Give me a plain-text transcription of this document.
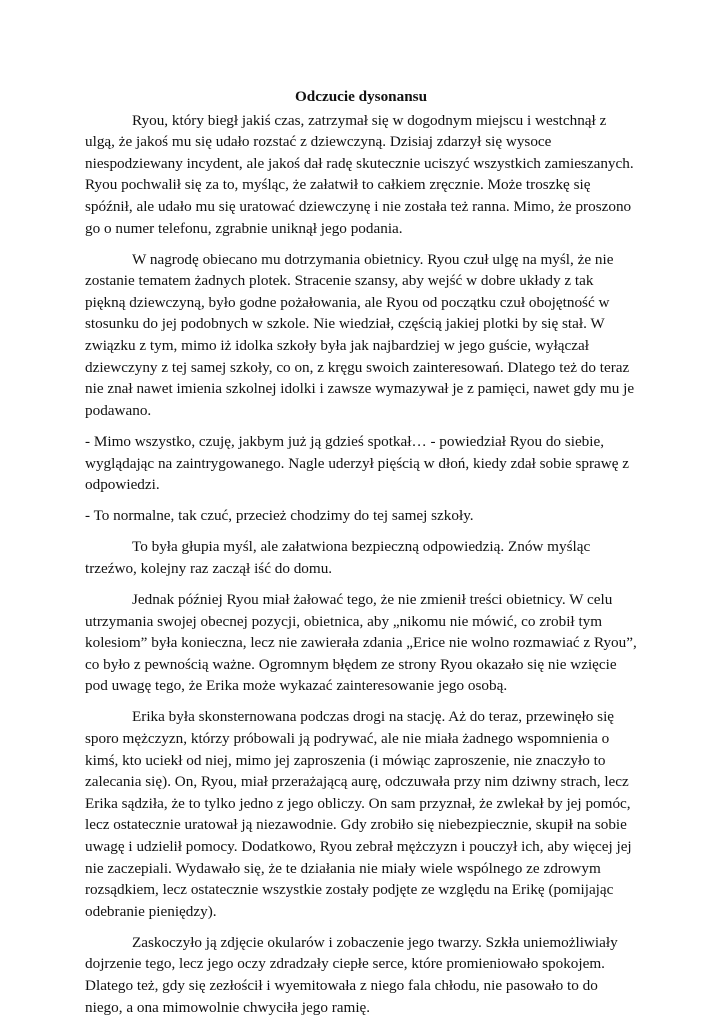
Odczucie dysonansu

Ryou, który biegł jakiś czas, zatrzymał się w dogodnym miejscu i westchnął z ulgą, że jakoś mu się udało rozstać z dziewczyną. Dzisiaj zdarzył się wysoce niespodziewany incydent, ale jakoś dał radę skutecznie uciszyć wszystkich zamieszanych. Ryou pochwalił się za to, myśląc, że załatwił to całkiem zręcznie. Może troszkę się spóźnił, ale udało mu się uratować dziewczynę i nie została też ranna. Mimo, że proszono go o numer telefonu, zgrabnie uniknął jego podania.

W nagrodę obiecano mu dotrzymania obietnicy. Ryou czuł ulgę na myśl, że nie zostanie tematem żadnych plotek. Stracenie szansy, aby wejść w dobre układy z tak piękną dziewczyną, było godne pożałowania, ale Ryou od początku czuł obojętność w stosunku do jej podobnych w szkole. Nie wiedział, częścią jakiej plotki by się stał. W związku z tym, mimo iż idolka szkoły była jak najbardziej w jego guście, wyłączał dziewczyny z tej samej szkoły, co on, z kręgu swoich zainteresowań. Dlatego też do teraz nie znał nawet imienia szkolnej idolki i zawsze wymazywał je z pamięci, nawet gdy mu je podawano.

- Mimo wszystko, czuję, jakbym już ją gdzieś spotkał… - powiedział Ryou do siebie, wyglądając na zaintrygowanego. Nagle uderzył pięścią w dłoń, kiedy zdał sobie sprawę z odpowiedzi.

- To normalne, tak czuć, przecież chodzimy do tej samej szkoły.

To była głupia myśl, ale załatwiona bezpieczną odpowiedzią. Znów myśląc trzeźwo, kolejny raz zaczął iść do domu.

Jednak później Ryou miał żałować tego, że nie zmienił treści obietnicy. W celu utrzymania swojej obecnej pozycji, obietnica, aby „nikomu nie mówić, co zrobił tym kolesiom” była konieczna, lecz nie zawierała zdania „Erice nie wolno rozmawiać z Ryou”, co było z pewnością ważne. Ogromnym błędem ze strony Ryou okazało się nie wzięcie pod uwagę tego, że Erika może wykazać zainteresowanie jego osobą.

Erika była skonsternowana podczas drogi na stację. Aż do teraz, przewinęło się sporo mężczyzn, którzy próbowali ją podrywać, ale nie miała żadnego wspomnienia o kimś, kto uciekł od niej, mimo jej zaproszenia (i mówiąc zaproszenie, nie znaczyło to zalecania się). On, Ryou, miał przerażającą aurę, odczuwała przy nim dziwny strach, lecz Erika sądziła, że to tylko jedno z jego obliczy. On sam przyznał, że zwlekał by jej pomóc, lecz ostatecznie uratował ją niezawodnie. Gdy zrobiło się niebezpiecznie, skupił na sobie uwagę i udzielił pomocy. Dodatkowo, Ryou zebrał mężczyzn i pouczył ich, aby więcej jej nie zaczepiali. Wydawało się, że te działania nie miały wiele wspólnego ze zdrowym rozsądkiem, lecz ostatecznie wszystkie zostały podjęte ze względu na Erikę (pomijając odebranie pieniędzy).

Zaskoczyło ją zdjęcie okularów i zobaczenie jego twarzy. Szkła uniemożliwiały dojrzenie tego, lecz jego oczy zdradzały ciepłe serce, które promieniowało spokojem. Dlatego też, gdy się zezłościł i wyemitowała z niego fala chłodu, nie pasowało to do niego, a ona mimowolnie chwyciła jego ramię.
